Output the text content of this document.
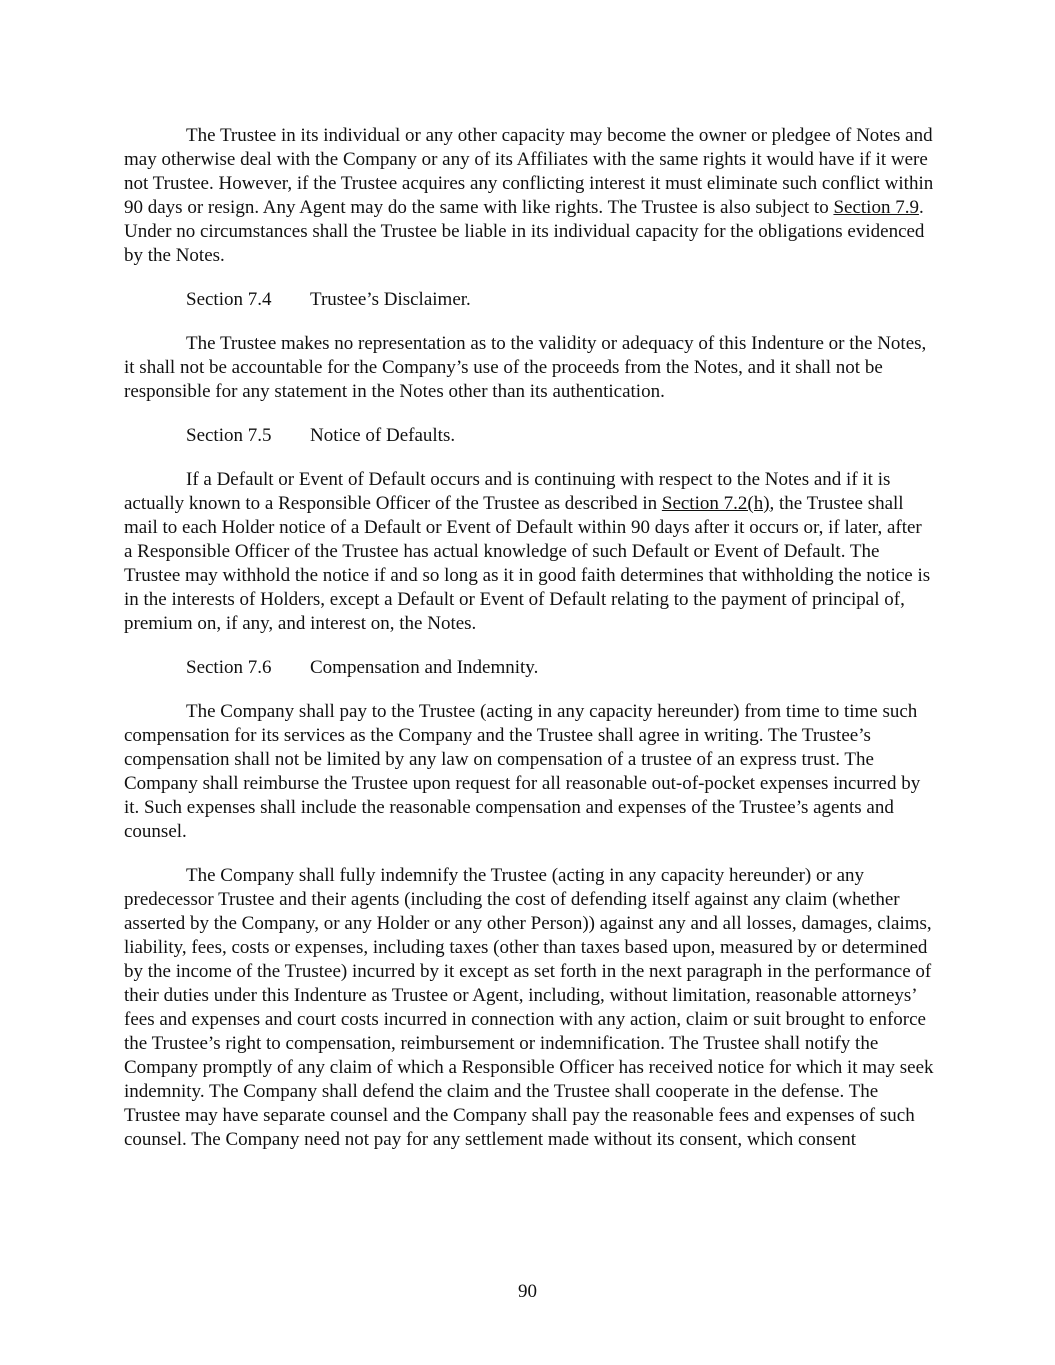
The Trustee in its individual or any other capacity may become the owner or pledgee of Notes and may otherwise deal with the Company or any of its Affiliates with the same rights it would have if it were not Trustee. However, if the Trustee acquires any conflicting interest it must eliminate such conflict within 90 days or resign. Any Agent may do the same with like rights. The Trustee is also subject to Section 7.9. Under no circumstances shall the Trustee be liable in its individual capacity for the obligations evidenced by the Notes.

Section 7.4 Trustee’s Disclaimer.

The Trustee makes no representation as to the validity or adequacy of this Indenture or the Notes, it shall not be accountable for the Company’s use of the proceeds from the Notes, and it shall not be responsible for any statement in the Notes other than its authentication.

Section 7.5 Notice of Defaults.

If a Default or Event of Default occurs and is continuing with respect to the Notes and if it is actually known to a Responsible Officer of the Trustee as described in Section 7.2(h), the Trustee shall mail to each Holder notice of a Default or Event of Default within 90 days after it occurs or, if later, after a Responsible Officer of the Trustee has actual knowledge of such Default or Event of Default. The Trustee may withhold the notice if and so long as it in good faith determines that withholding the notice is in the interests of Holders, except a Default or Event of Default relating to the payment of principal of, premium on, if any, and interest on, the Notes.

Section 7.6 Compensation and Indemnity.

The Company shall pay to the Trustee (acting in any capacity hereunder) from time to time such compensation for its services as the Company and the Trustee shall agree in writing. The Trustee’s compensation shall not be limited by any law on compensation of a trustee of an express trust. The Company shall reimburse the Trustee upon request for all reasonable out-of-pocket expenses incurred by it. Such expenses shall include the reasonable compensation and expenses of the Trustee’s agents and counsel.

The Company shall fully indemnify the Trustee (acting in any capacity hereunder) or any predecessor Trustee and their agents (including the cost of defending itself against any claim (whether asserted by the Company, or any Holder or any other Person)) against any and all losses, damages, claims, liability, fees, costs or expenses, including taxes (other than taxes based upon, measured by or determined by the income of the Trustee) incurred by it except as set forth in the next paragraph in the performance of their duties under this Indenture as Trustee or Agent, including, without limitation, reasonable attorneys’ fees and expenses and court costs incurred in connection with any action, claim or suit brought to enforce the Trustee’s right to compensation, reimbursement or indemnification. The Trustee shall notify the Company promptly of any claim of which a Responsible Officer has received notice for which it may seek indemnity. The Company shall defend the claim and the Trustee shall cooperate in the defense. The Trustee may have separate counsel and the Company shall pay the reasonable fees and expenses of such counsel. The Company need not pay for any settlement made without its consent, which consent

90
